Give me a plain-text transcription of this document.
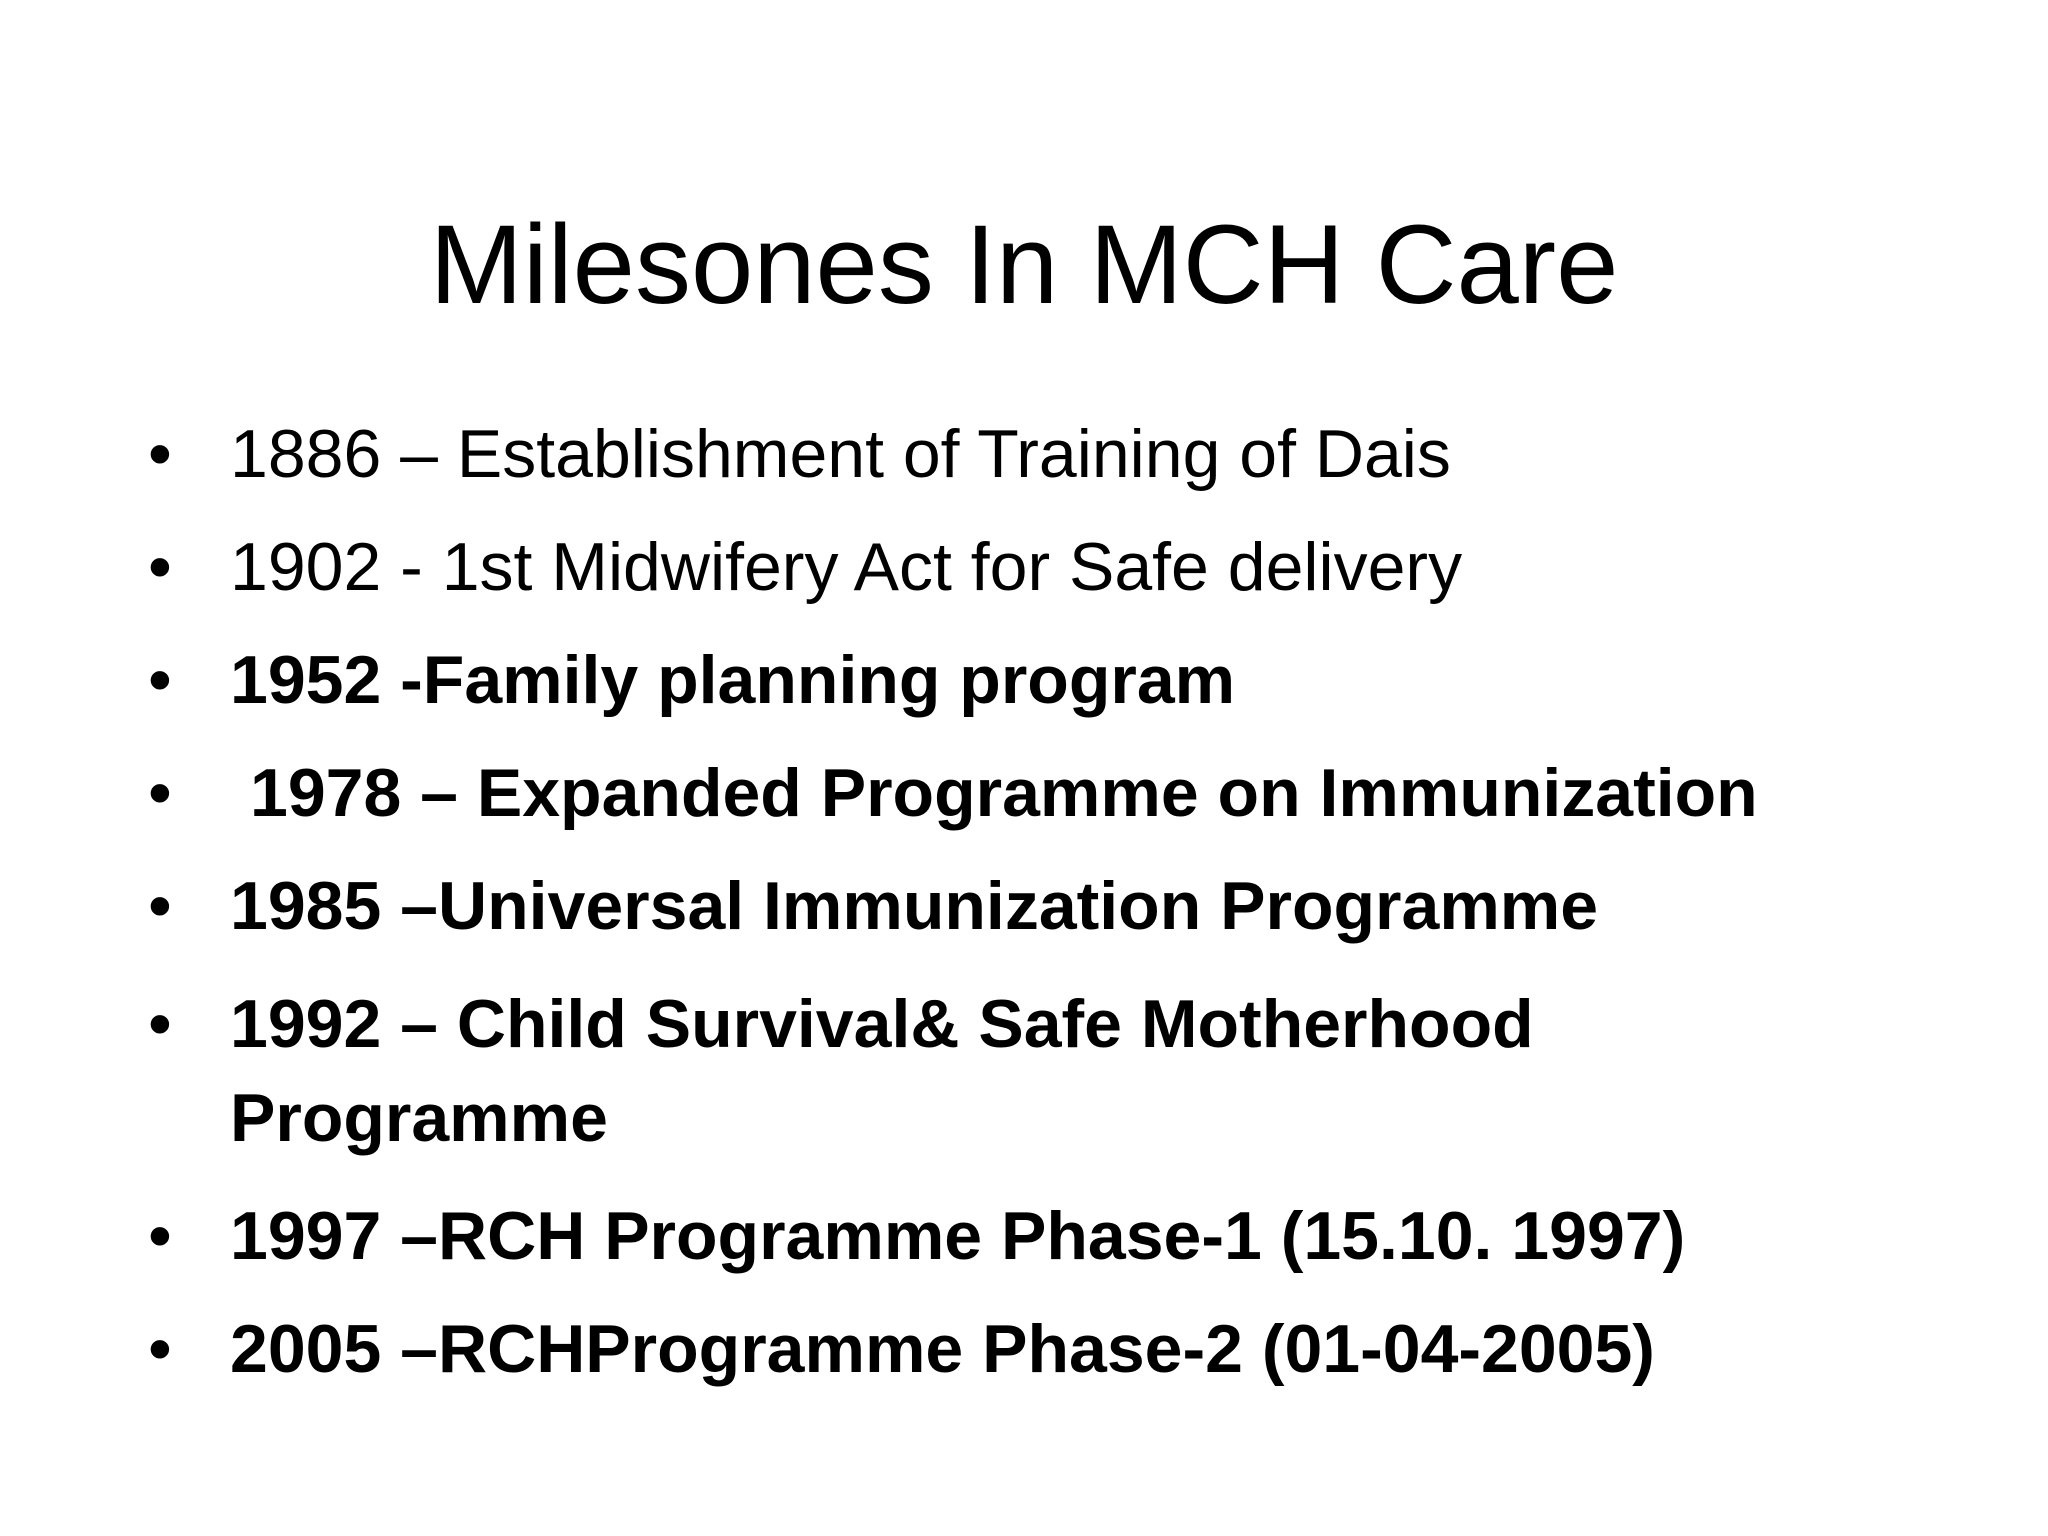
Milesones In MCH Care
• 1886 – Establishment of Training of Dais
• 1902 - 1st Midwifery Act for Safe delivery
• 1952 -Family planning program
• 1978 – Expanded Programme on Immunization
• 1985 –Universal Immunization Programme
• 1992 – Child Survival& Safe Motherhood Programme
• 1997 –RCH Programme Phase-1 (15.10. 1997)
• 2005 –RCHProgramme Phase-2 (01-04-2005)
